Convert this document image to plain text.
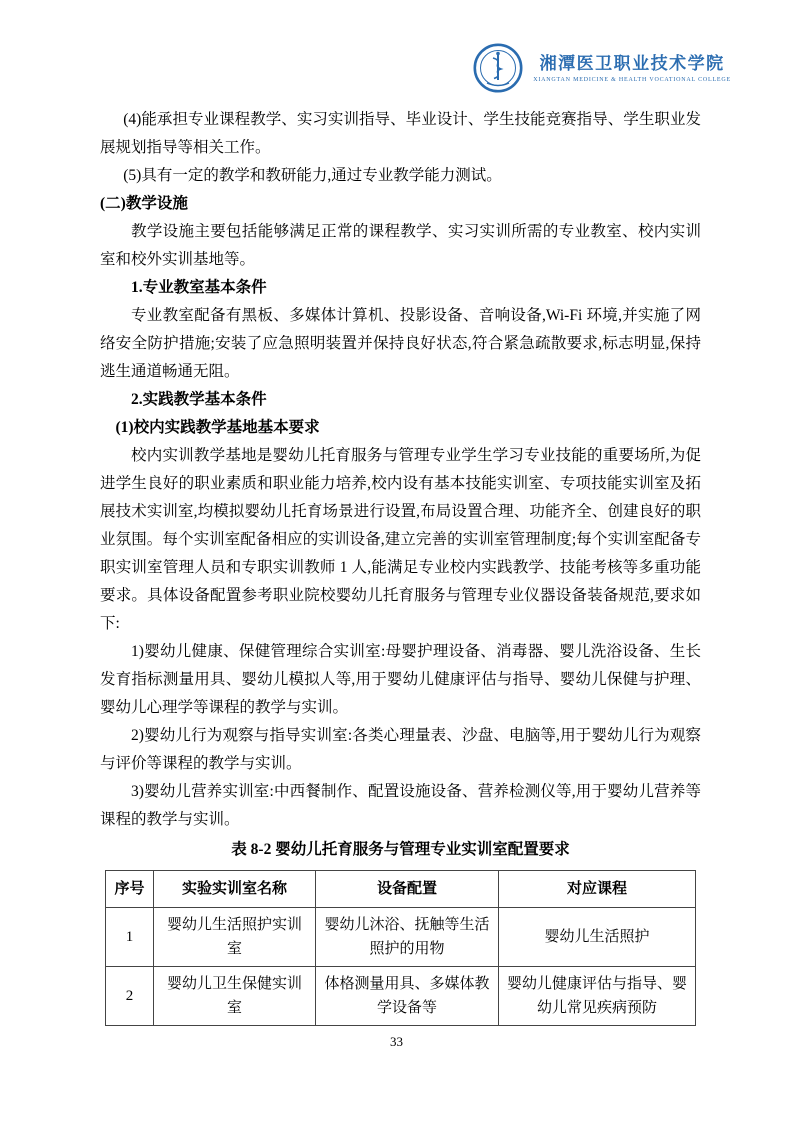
湘潭医卫职业技术学院
XIANGTAN MEDICINE & HEALTH VOCATIONAL COLLEGE

(4)能承担专业课程教学、实习实训指导、毕业设计、学生技能竞赛指导、学生职业发展规划指导等相关工作。

(5)具有一定的教学和教研能力,通过专业教学能力测试。

(二)教学设施

教学设施主要包括能够满足正常的课程教学、实习实训所需的专业教室、校内实训室和校外实训基地等。

1.专业教室基本条件

专业教室配备有黑板、多媒体计算机、投影设备、音响设备,Wi-Fi 环境,并实施了网络安全防护措施;安装了应急照明装置并保持良好状态,符合紧急疏散要求,标志明显,保持逃生通道畅通无阻。

2.实践教学基本条件

(1)校内实践教学基地基本要求

校内实训教学基地是婴幼儿托育服务与管理专业学生学习专业技能的重要场所,为促进学生良好的职业素质和职业能力培养,校内设有基本技能实训室、专项技能实训室及拓展技术实训室,均模拟婴幼儿托育场景进行设置,布局设置合理、功能齐全、创建良好的职业氛围。每个实训室配备相应的实训设备,建立完善的实训室管理制度;每个实训室配备专职实训室管理人员和专职实训教师 1 人,能满足专业校内实践教学、技能考核等多重功能要求。具体设备配置参考职业院校婴幼儿托育服务与管理专业仪器设备装备规范,要求如下:

1)婴幼儿健康、保健管理综合实训室:母婴护理设备、消毒器、婴儿洗浴设备、生长发育指标测量用具、婴幼儿模拟人等,用于婴幼儿健康评估与指导、婴幼儿保健与护理、婴幼儿心理学等课程的教学与实训。

2)婴幼儿行为观察与指导实训室:各类心理量表、沙盘、电脑等,用于婴幼儿行为观察与评价等课程的教学与实训。

3)婴幼儿营养实训室:中西餐制作、配置设施设备、营养检测仪等,用于婴幼儿营养等课程的教学与实训。

表 8-2 婴幼儿托育服务与管理专业实训室配置要求
序号	实验实训室名称	设备配置	对应课程
1	婴幼儿生活照护实训室	婴幼儿沐浴、抚触等生活照护的用物	婴幼儿生活照护
2	婴幼儿卫生保健实训室	体格测量用具、多媒体教学设备等	婴幼儿健康评估与指导、婴幼儿常见疾病预防
33
